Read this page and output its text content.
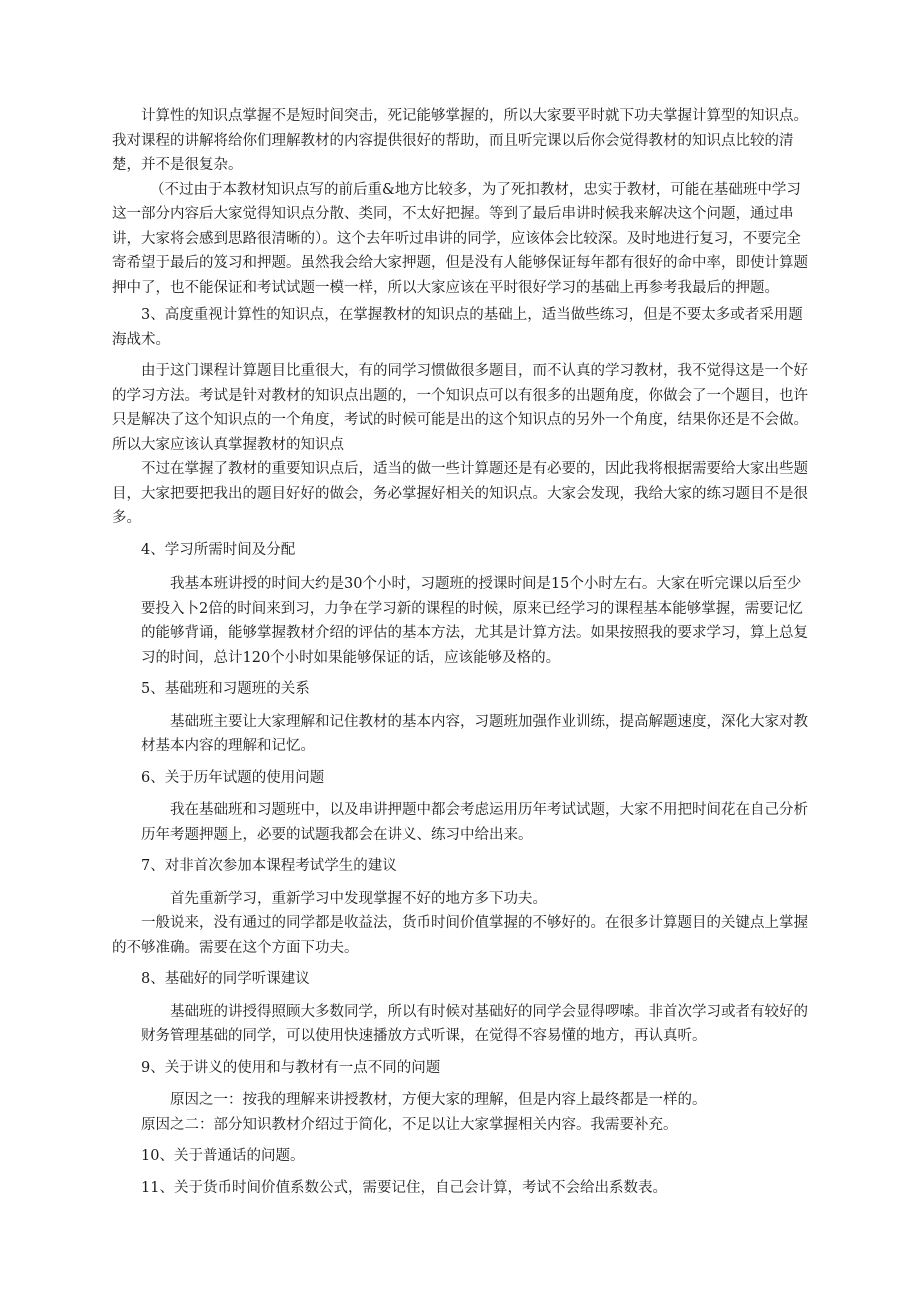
计算性的知识点掌握不是短时间突击，死记能够掌握的，所以大家要平时就下功夫掌握计算型的知识点。我对课程的讲解将给你们理解教材的内容提供很好的帮助，而且听完课以后你会觉得教材的知识点比较的清楚，并不是很复杂。

（不过由于本教材知识点写的前后重&地方比较多，为了死扣教材，忠实于教材，可能在基础班中学习这一部分内容后大家觉得知识点分散、类同，不太好把握。等到了最后串讲时候我来解决这个问题，通过串讲，大家将会感到思路很清晰的）。这个去年听过串讲的同学，应该体会比较深。及时地进行复习，不要完全寄希望于最后的笈习和押题。虽然我会给大家押题，但是没有人能够保证每年都有很好的命中率，即使计算题押中了，也不能保证和考试试题一模一样，所以大家应该在平时很好学习的基础上再参考我最后的押题。

3、高度重视计算性的知识点，在掌握教材的知识点的基础上，适当做些练习，但是不要太多或者采用题海战术。

由于这门课程计算题目比重很大，有的同学习惯做很多题目，而不认真的学习教材，我不觉得这是一个好的学习方法。考试是针对教材的知识点出题的，一个知识点可以有很多的出题角度，你做会了一个题目，也许只是解决了这个知识点的一个角度，考试的时候可能是出的这个知识点的另外一个角度，结果你还是不会做。所以大家应该认真掌握教材的知识点

不过在掌握了教材的重要知识点后，适当的做一些计算题还是有必要的，因此我将根据需要给大家出些题目，大家把要把我出的题目好好的做会，务必掌握好相关的知识点。大家会发现，我给大家的练习题目不是很多。

4、学习所需时间及分配

我基本班讲授的时间大约是30个小时，习题班的授课时间是15个小时左右。大家在听完课以后至少要投入卜2倍的时间来到习，力争在学习新的课程的时候，原来已经学习的课程基本能够掌握，需要记忆的能够背诵，能够掌握教材介绍的评估的基本方法，尤其是计算方法。如果按照我的要求学习，算上总复习的时间，总计120个小时如果能够保证的话，应该能够及格的。

5、基础班和习题班的关系

基础班主要让大家理解和记住教材的基本内容，习题班加强作业训练，提高解题速度，深化大家对教材基本内容的理解和记忆。

6、关于历年试题的使用问题

我在基础班和习题班中，以及串讲押题中都会考虑运用历年考试试题，大家不用把时间花在自己分析历年考题押题上，必要的试题我都会在讲义、练习中给出来。

7、对非首次参加本课程考试学生的建议

首先重新学习，重新学习中发现掌握不好的地方多下功夫。

一般说来，没有通过的同学都是收益法，货币时间价值掌握的不够好的。在很多计算题目的关键点上掌握的不够准确。需要在这个方面下功夫。

8、基础好的同学听课建议

基础班的讲授得照顾大多数同学，所以有时候对基础好的同学会显得啰嗦。非首次学习或者有较好的财务管理基础的同学，可以使用快速播放方式听课，在觉得不容易懂的地方，再认真听。

9、关于讲义的使用和与教材有一点不同的问题

原因之一：按我的理解来讲授教材，方便大家的理解，但是内容上最终都是一样的。

原因之二：部分知识教材介绍过于简化，不足以让大家掌握相关内容。我需要补充。

10、关于普通话的问题。

11、关于货币时间价值系数公式，需要记住，自己会计算，考试不会给出系数表。
